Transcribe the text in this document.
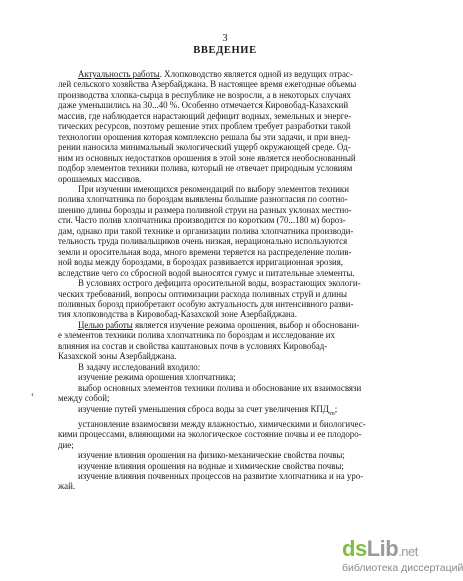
3
ВВЕДЕНИЕ
‹
Актуальность работы. Хлопководство является одной из ведущих отрас-
лей сельского хозяйства Азербайджана. В настоящее время ежегодные объемы
производства хлопка-сырца в республике не возросли, а в некоторых случаях
даже уменьшились на 30...40 %. Особенно отмечается Кировобад-Казахский
массив, где наблюдается нарастающий дефицит водных, земельных и энерге-
тических ресурсов, поэтому решение этих проблем требует разработки такой
технологии орошения которая комплексно решала бы эти задачи, и при внед-
рении наносила минимальный экологический ущерб окружающей среде. Од-
ним из основных недостатков орошения в этой зоне является необоснованный
подбор элементов техники полива, который не отвечает природным условиям
орошаемых массивов.
При изучении имеющихся рекомендаций по выбору элементов техники
полива хлопчатника по бороздам выявлены большие разногласия по соотно-
шению длины борозды и размера поливной струи на разных уклонах местно-
сти. Часто полив хлопчатника производится по коротким (70...180 м) бороз-
дам, однако при такой технике и организации полива хлопчатника производи-
тельность труда поливальщиков очень низкая, нерационально используются
земли и оросительная вода, много времени теряется на распределение полив-
ной воды между бороздами, в бороздах развивается ирригационная эрозия,
вследствие чего со сбросной водой выносятся гумус и питательные элементы.
В условиях острого дефицита оросительной воды, возрастающих экологи-
ческих требований, вопросы оптимизации расхода поливных струй и длины
поливных борозд приобретают особую актуальность для интенсивного разви-
тия хлопководства в Кировобад-Казахской зоне Азербайджана.
Целью работы является изучение режима орошения, выбор и обосновани-
е элементов техники полива хлопчатника по бороздам и исследование их
влияния на состав и свойства каштановых почв в условиях Кировобад-
Казахской зоны Азербайджана.
В задачу исследований входило:
изучение режима орошения хлопчатника;
выбор основных элементов техники полива и обоснование их взаимосвязи
между собой;
изучение путей уменьшения сброса воды за счет увеличения $КПД_{тп}$;
установление взаимосвязи между влажностью, химическими и биологичес-
кими процессами, влияющими на экологическое состояние почвы и ее плодоро-
дие;
изучение влияния орошения на физико-механические свойства почвы;
изучение влияния орошения на водные и химические свойства почвы;
изучение влияния почвенных процессов на развитие хлопчатника и на уро-
жай.
dsLib.net
библиотека диссертаций
